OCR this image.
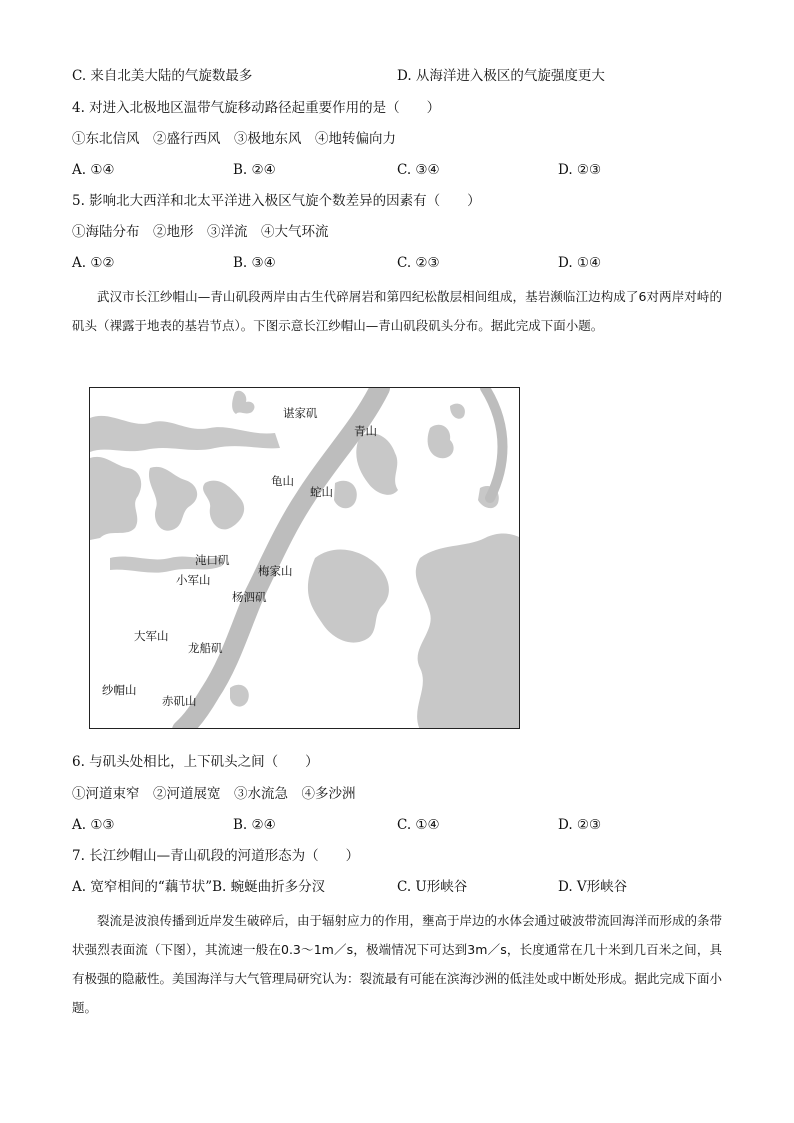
C. 来自北美大陆的气旋数最多	D. 从海洋进入极区的气旋强度更大
4. 对进入北极地区温带气旋移动路径起重要作用的是（　　）
①东北信风　②盛行西风　③极地东风　④地转偏向力
A. ①④	B. ②④	C. ③④	D. ②③
5. 影响北大西洋和北太平洋进入极区气旋个数差异的因素有（　　）
①海陆分布　②地形　③洋流　④大气环流
A. ①②	B. ③④	C. ②③	D. ①④

武汉市长江纱帽山—青山矶段两岸由古生代碎屑岩和第四纪松散层相间组成，基岩濒临江边构成了6对两岸对峙的矶头（裸露于地表的基岩节点）。下图示意长江纱帽山—青山矶段矶头分布。据此完成下面小题。

谌家矶
青山
龟山
蛇山
沌口矶
小军山
梅家山
杨泗矶
大军山
龙船矶
纱帽山
赤矶山
6. 与矶头处相比，上下矶头之间（　　）
①河道束窄　②河道展宽　③水流急　④多沙洲
A. ①③	B. ②④	C. ①④	D. ②③
7. 长江纱帽山—青山矶段的河道形态为（　　）
A. 宽窄相间的“藕节状”B. 蜿蜒曲折多分汊	C. U形峡谷	D. V形峡谷

裂流是波浪传播到近岸发生破碎后，由于辐射应力的作用，壅高于岸边的水体会通过破波带流回海洋而形成的条带状强烈表面流（下图），其流速一般在0.3～1m／s，极端情况下可达到3m／s，长度通常在几十米到几百米之间，具有极强的隐蔽性。美国海洋与大气管理局研究认为：裂流最有可能在滨海沙洲的低洼处或中断处形成。据此完成下面小题。
